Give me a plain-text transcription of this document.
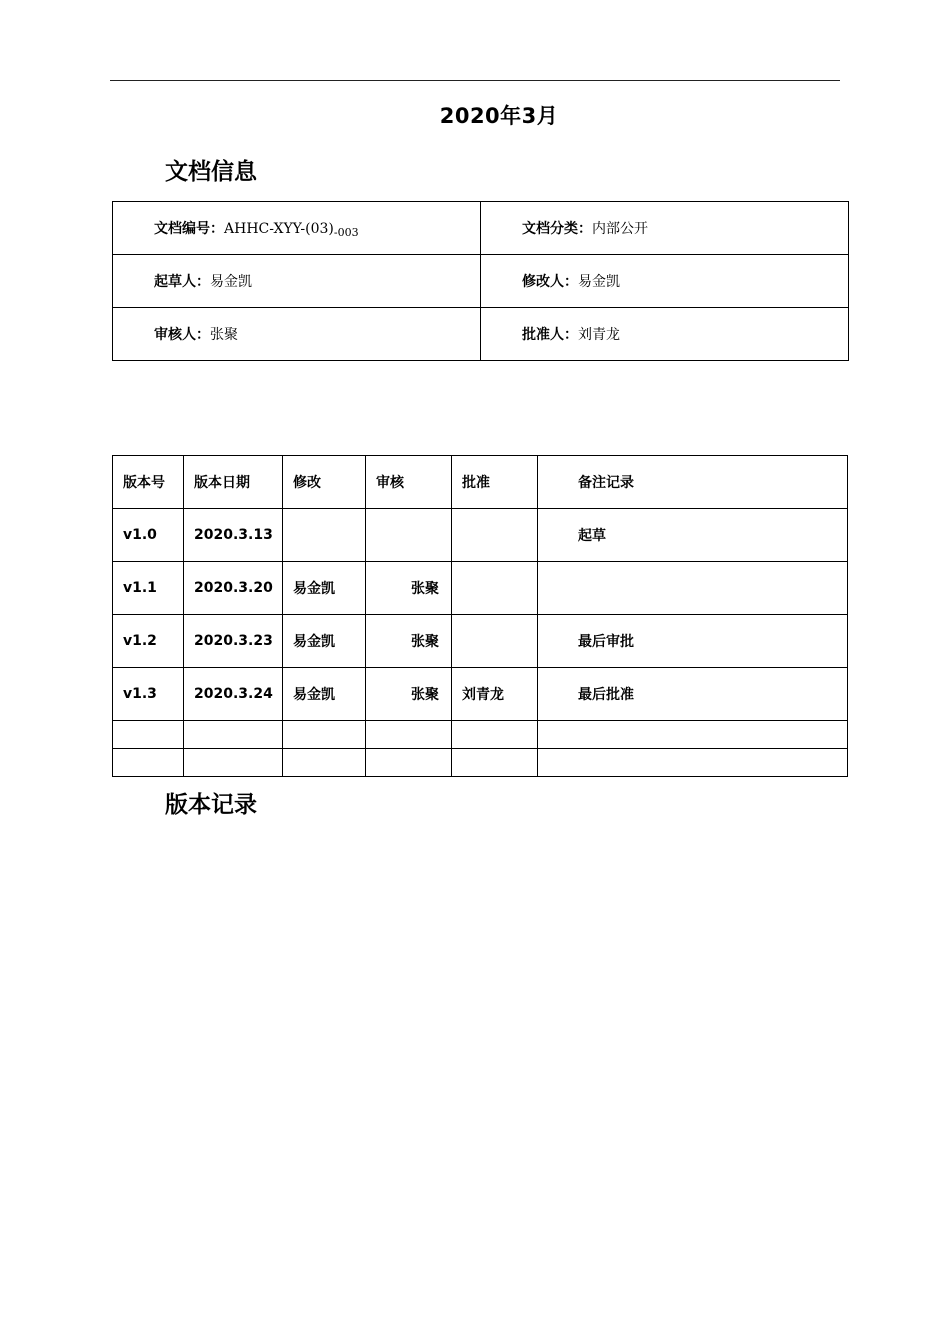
2020年3月
文档信息
文档编号：AHHC-$XYY-(03)_{-003}$	文档分类：内部公开
起草人：易金凯	修改人：易金凯
审核人：张聚	批准人：刘青龙
版本号	版本日期	修改	审核	批准	备注记录
v1.0	2020.3.13				起草
v1.1	2020.3.20	易金凯	张聚		
v1.2	2020.3.23	易金凯	张聚		最后审批
v1.3	2020.3.24	易金凯	张聚	刘青龙	最后批准

版本记录
